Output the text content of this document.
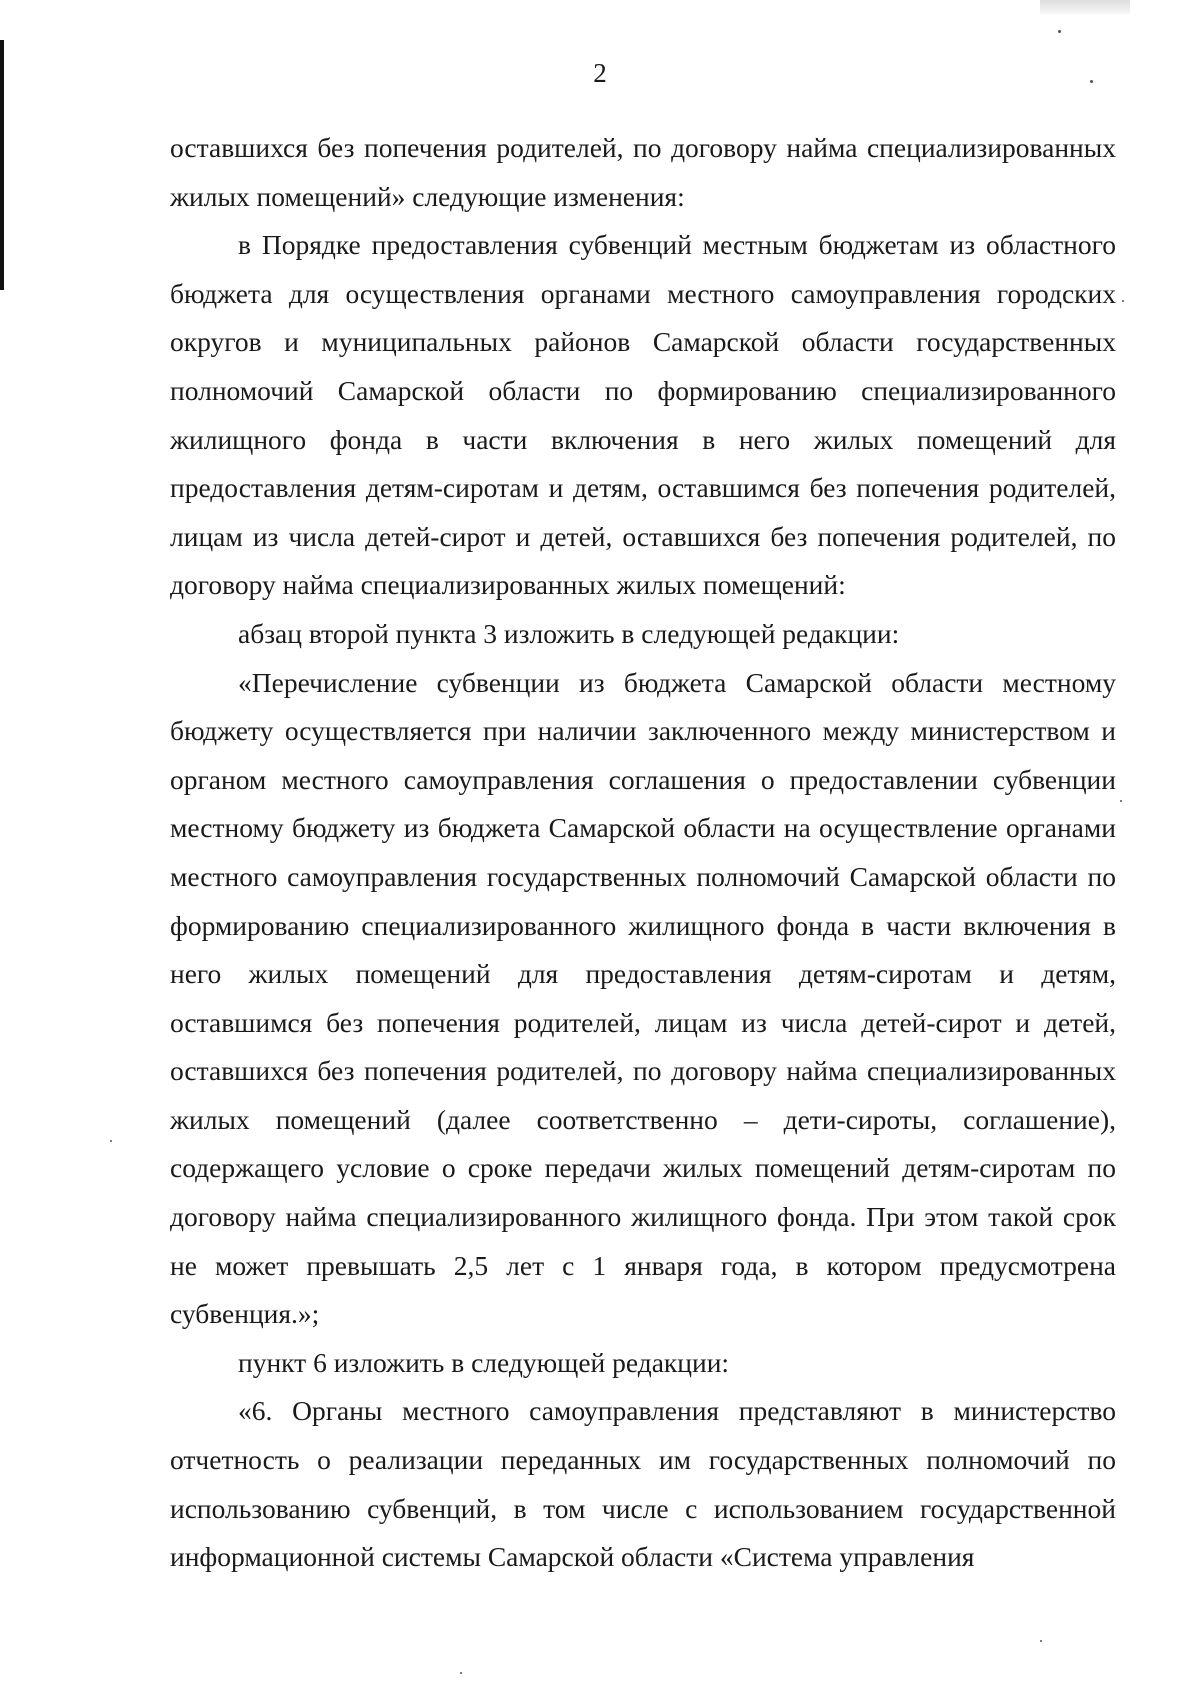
2

оставшихся без попечения родителей, по договору найма специализированных жилых помещений» следующие изменения:

в Порядке предоставления субвенций местным бюджетам из областного бюджета для осуществления органами местного самоуправления городских округов и муниципальных районов Самарской области государственных полномочий Самарской области по формированию специализированного жилищного фонда в части включения в него жилых помещений для предоставления детям-сиротам и детям, оставшимся без попечения родителей, лицам из числа детей-сирот и детей, оставшихся без попечения родителей, по договору найма специализированных жилых помещений:

абзац второй пункта 3 изложить в следующей редакции:

«Перечисление субвенции из бюджета Самарской области местному бюджету осуществляется при наличии заключенного между министерством и органом местного самоуправления соглашения о предоставлении субвенции местному бюджету из бюджета Самарской области на осуществление органами местного самоуправления государственных полномочий Самарской области по формированию специализированного жилищного фонда в части включения в него жилых помещений для предоставления детям-сиротам и детям, оставшимся без попечения родителей, лицам из числа детей-сирот и детей, оставшихся без попечения родителей, по договору найма специализированных жилых помещений (далее соответственно – дети-сироты, соглашение), содержащего условие о сроке передачи жилых помещений детям-сиротам по договору найма специализированного жилищного фонда. При этом такой срок не может превышать 2,5 лет с 1 января года, в котором предусмотрена субвенция.»;

пункт 6 изложить в следующей редакции:

«6. Органы местного самоуправления представляют в министерство отчетность о реализации переданных им государственных полномочий по использованию субвенций, в том числе с использованием государственной информационной системы Самарской области «Система управления
